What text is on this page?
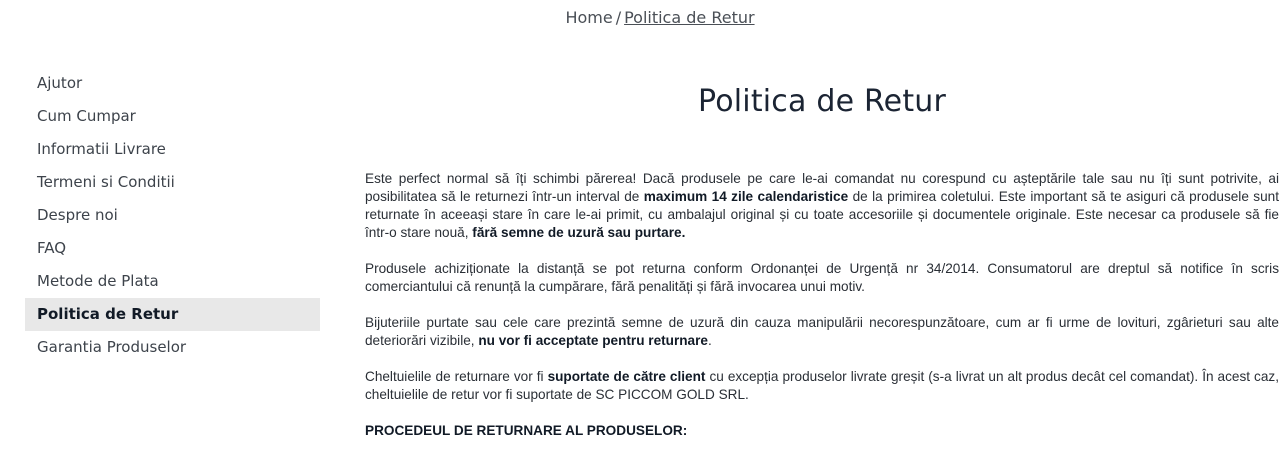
Home / Politica de Retur
Ajutor
Cum Cumpar
Informatii Livrare
Termeni si Conditii
Despre noi
FAQ
Metode de Plata
Politica de Retur
Garantia Produselor
Politica de Retur

Este perfect normal să îți schimbi părerea! Dacă produsele pe care le-ai comandat nu corespund cu așteptările tale sau nu îți sunt potrivite, ai posibilitatea să le returnezi într-un interval de maximum 14 zile calendaristice de la primirea coletului. Este important să te asiguri că produsele sunt returnate în aceeași stare în care le-ai primit, cu ambalajul original și cu toate accesoriile și documentele originale. Este necesar ca produsele să fie într-o stare nouă, fără semne de uzură sau purtare.

Produsele achiziționate la distanță se pot returna conform Ordonanței de Urgență nr 34/2014. Consumatorul are dreptul să notifice în scris comerciantului că renunță la cumpărare, fără penalități și fără invocarea unui motiv.

Bijuteriile purtate sau cele care prezintă semne de uzură din cauza manipulării necorespunzătoare, cum ar fi urme de lovituri, zgârieturi sau alte deteriorări vizibile, nu vor fi acceptate pentru returnare.

Cheltuielile de returnare vor fi suportate de către client cu excepția produselor livrate greșit (s-a livrat un alt produs decât cel comandat). În acest caz, cheltuielile de retur vor fi suportate de SC PICCOM GOLD SRL.

PROCEDEUL DE RETURNARE AL PRODUSELOR:
